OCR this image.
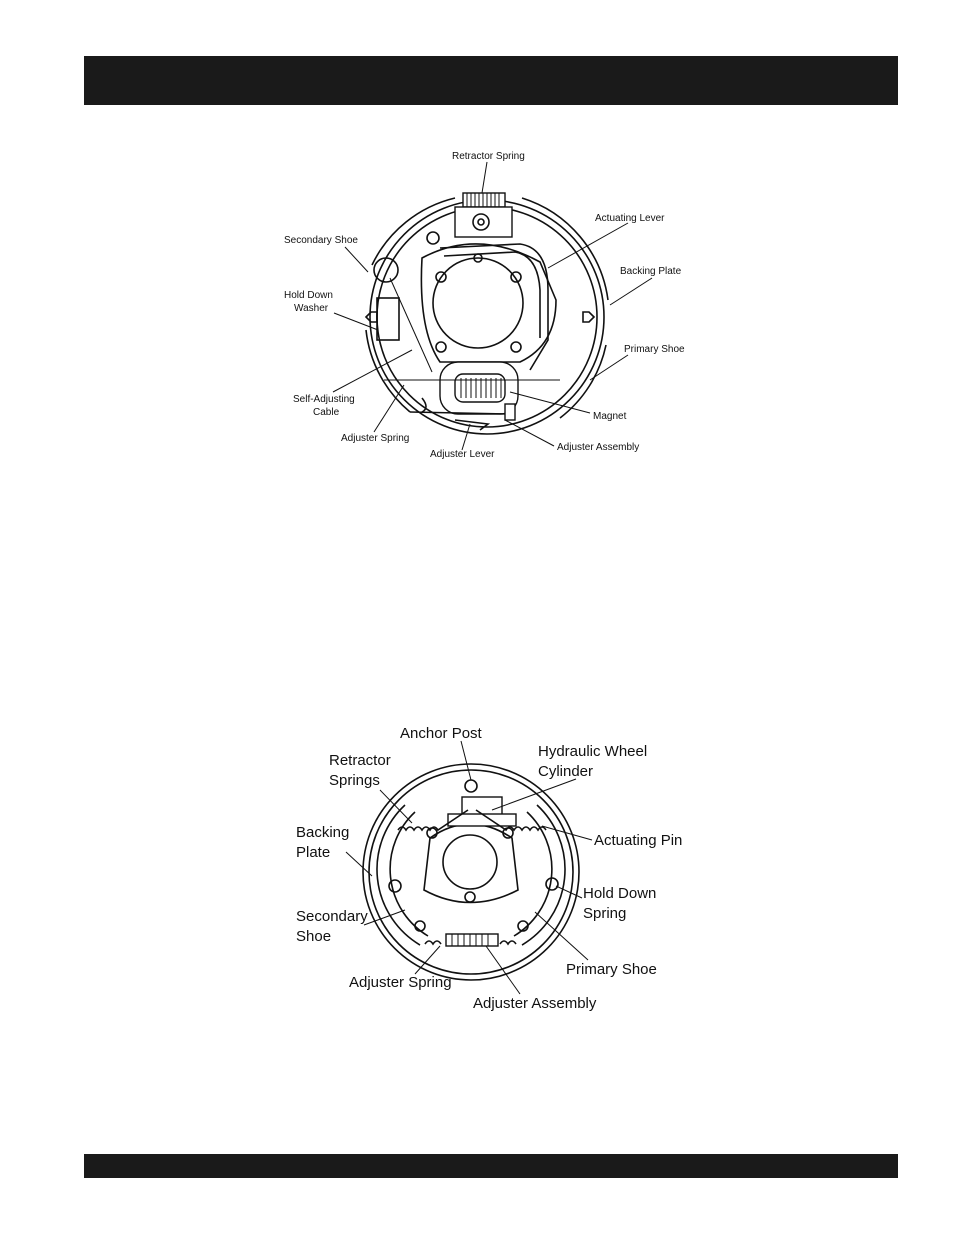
Retractor Spring
Actuating Lever
Secondary Shoe
Backing Plate
Hold Down
Washer
Primary Shoe
Self-Adjusting
Cable	Magnet
Adjuster Spring
Adjuster Assembly
Adjuster Lever
Anchor Post
Hydraulic Wheel
Cylinder
Retractor
Springs
Actuating Pin
Backing
Plate
Hold Down
Spring
Secondary
Shoe
Primary Shoe
Adjuster Spring
Adjuster Assembly
